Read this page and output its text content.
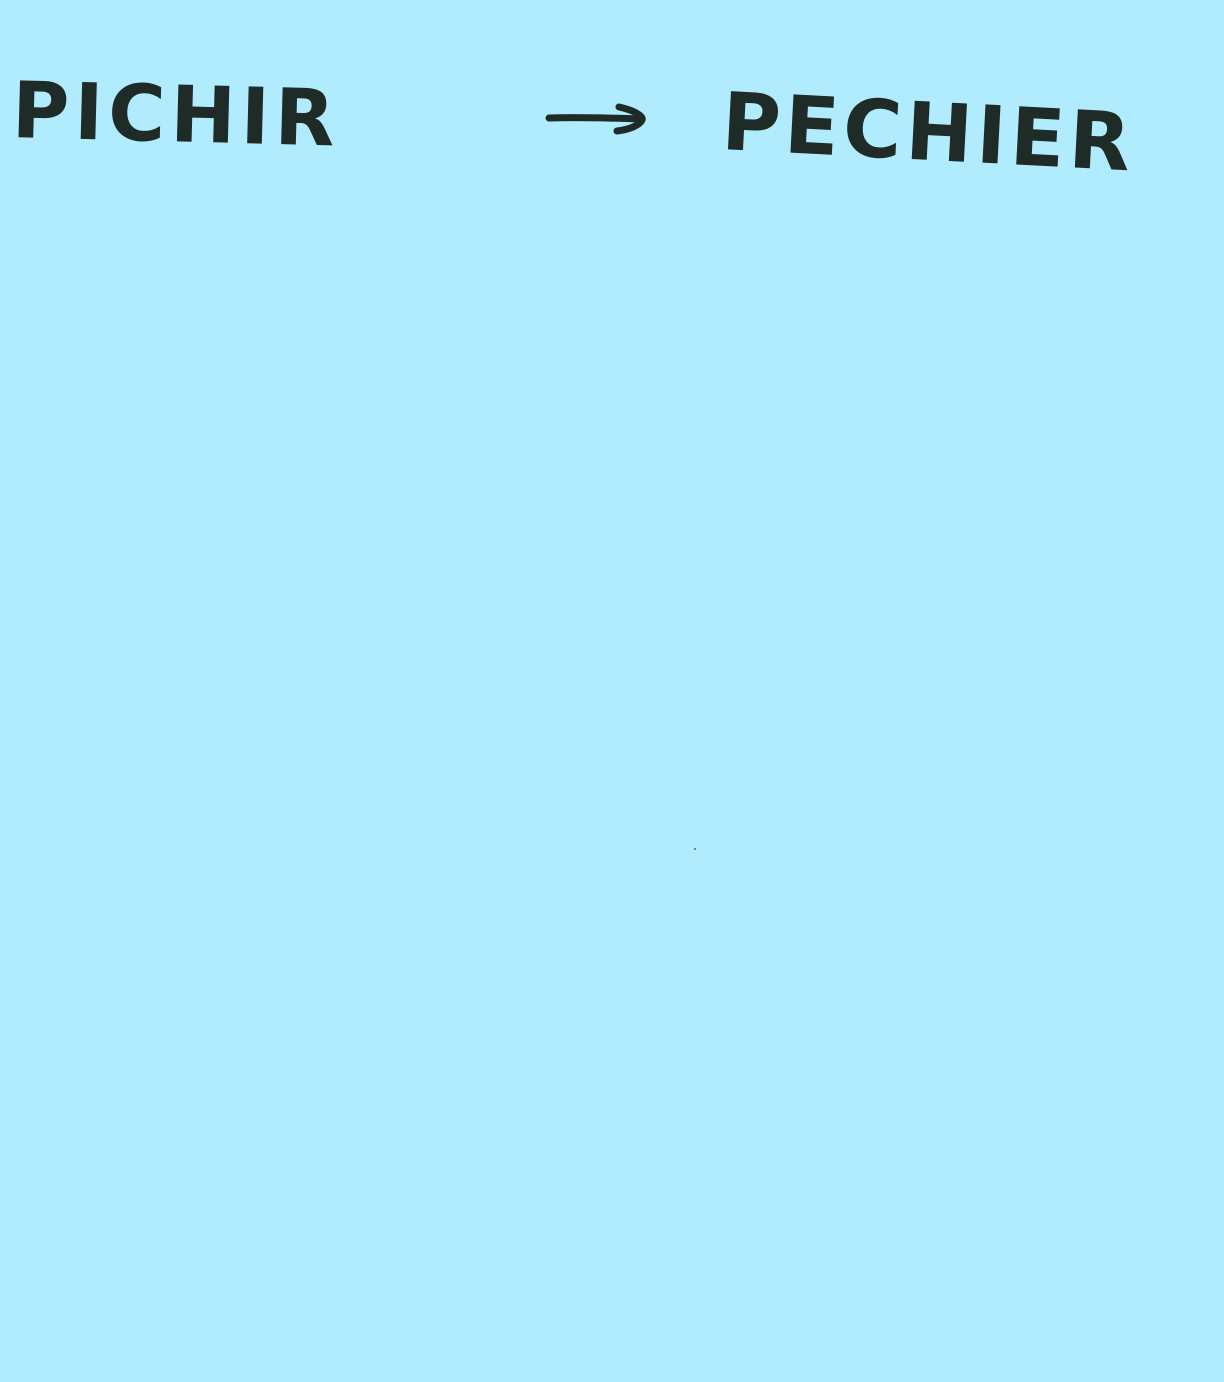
PICHIR	PECHIER
